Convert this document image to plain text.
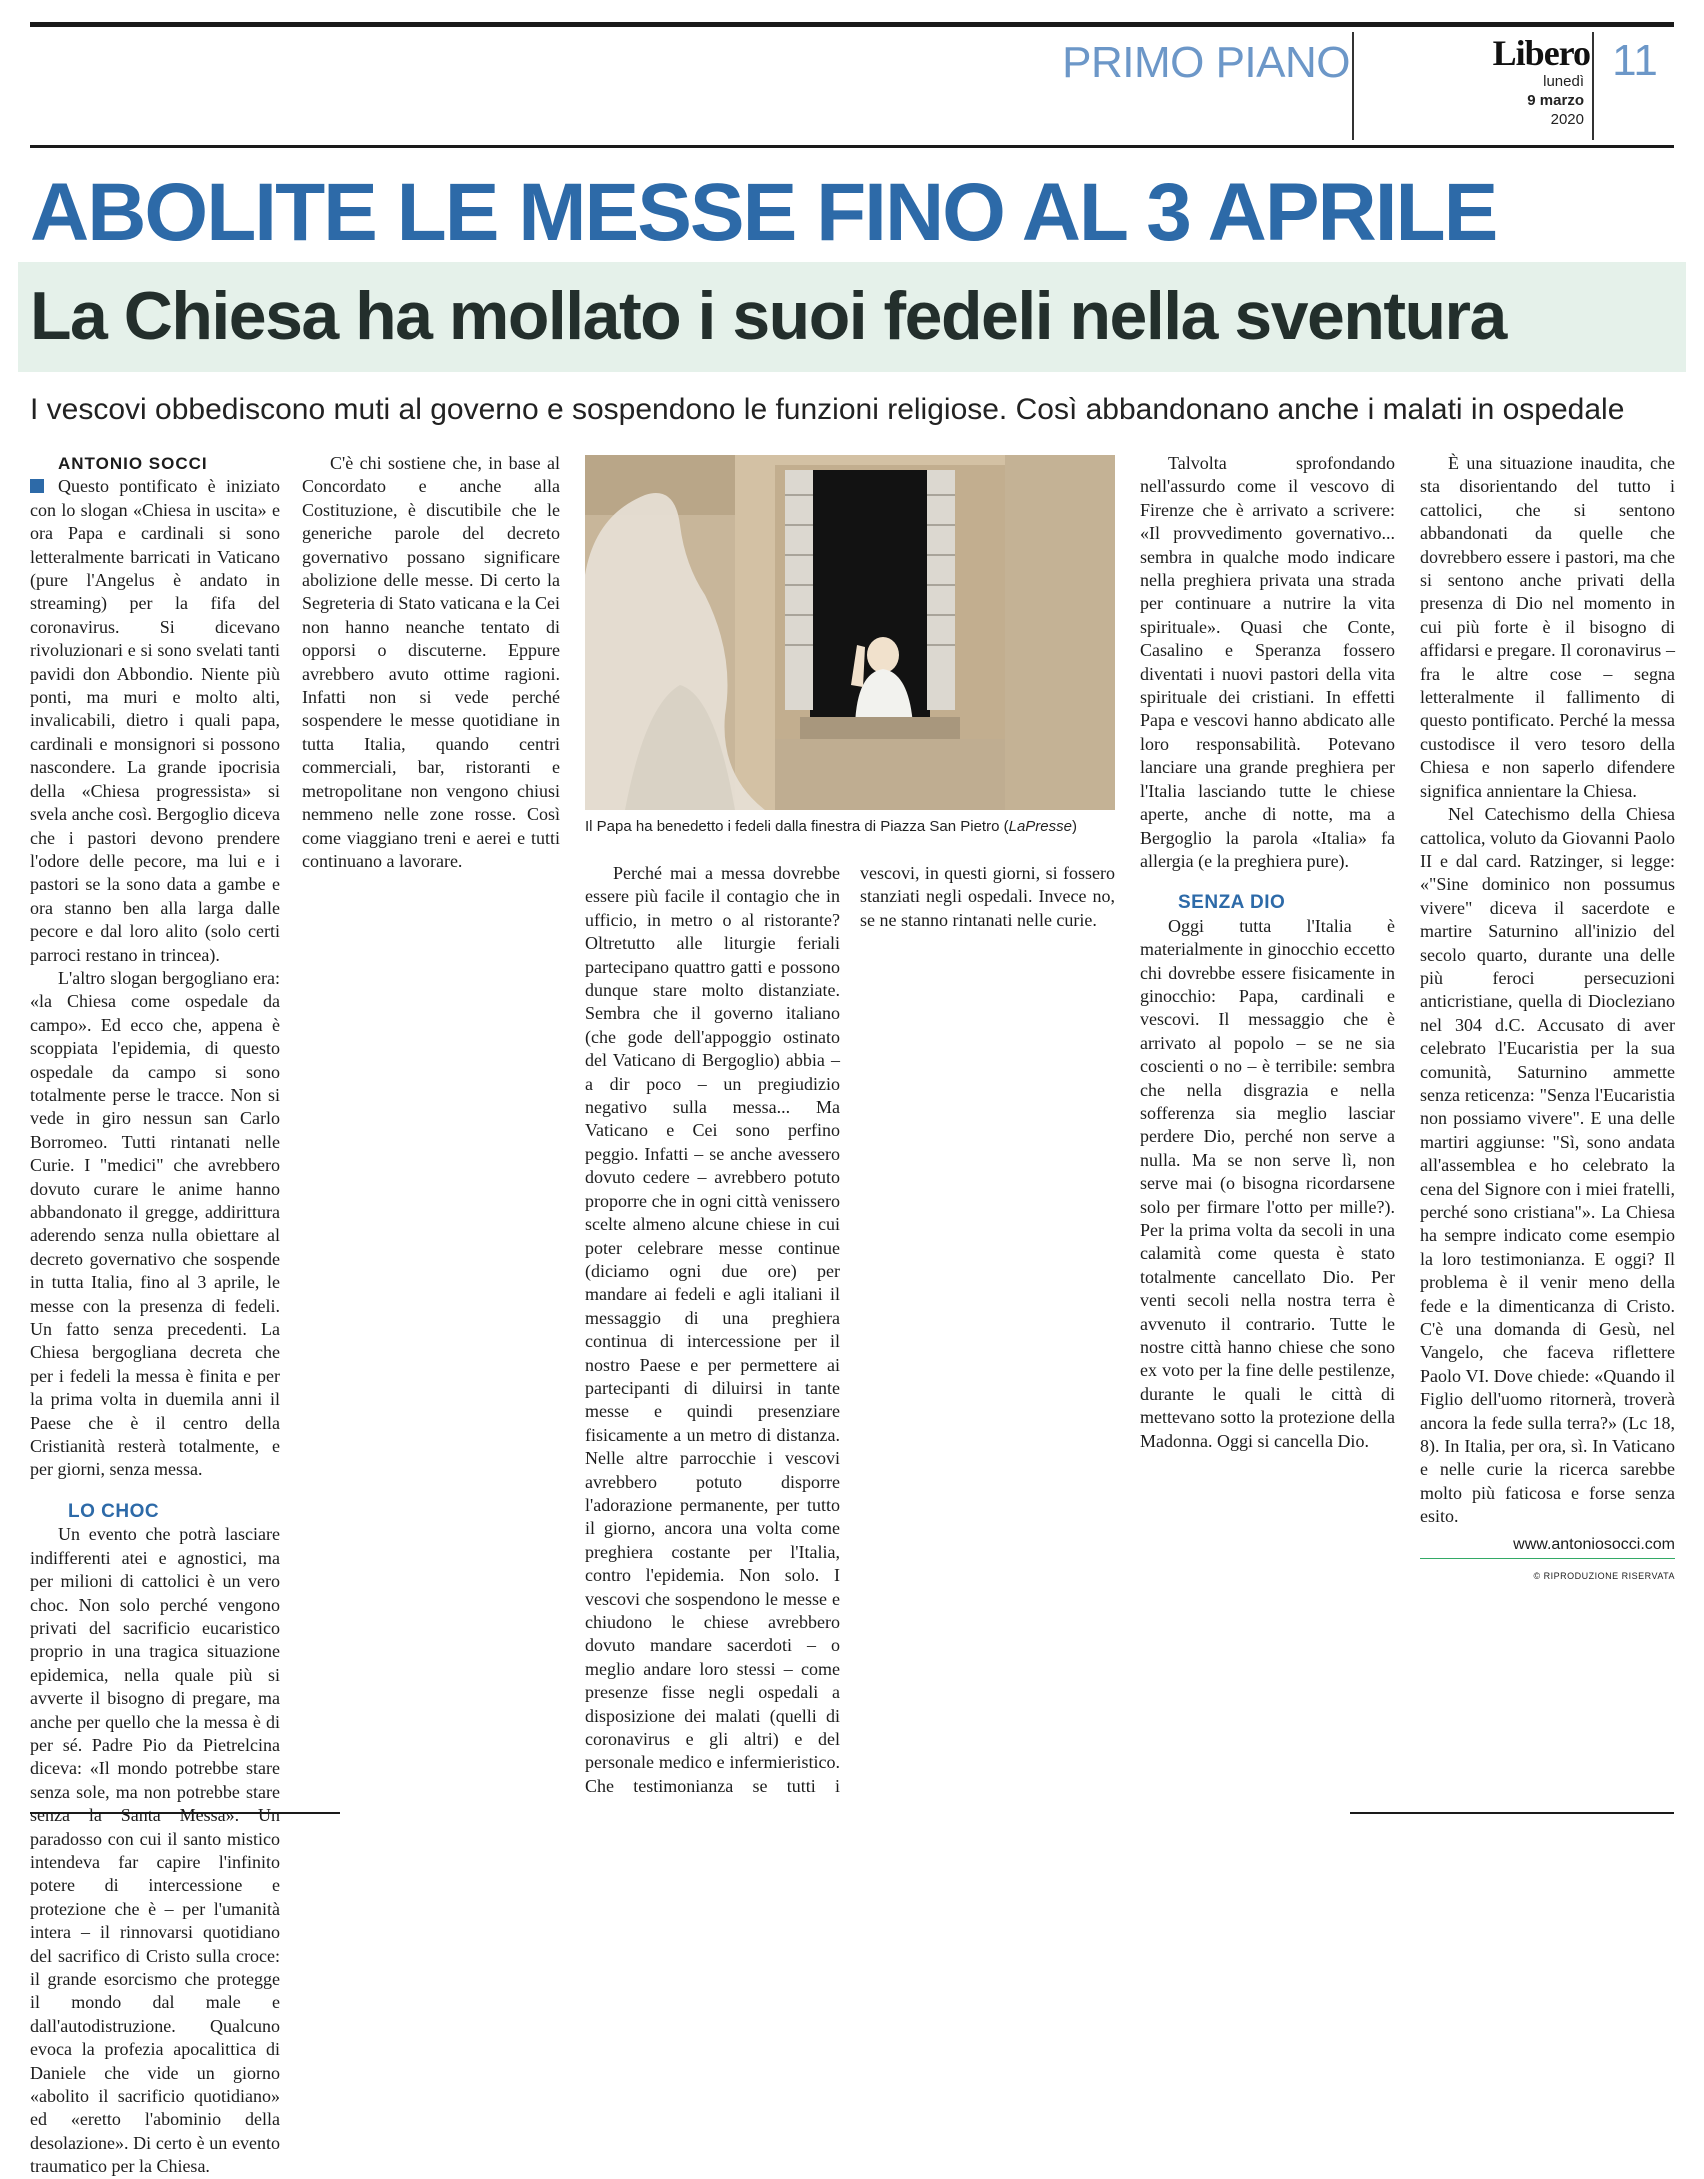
PRIMO PIANO	Libero
lunedì
9 marzo
2020
11
ABOLITE LE MESSE FINO AL 3 APRILE
La Chiesa ha mollato i suoi fedeli nella sventura
I vescovi obbediscono muti al governo e sospendono le funzioni religiose. Così abbandonano anche i malati in ospedale

ANTONIO SOCCI

Questo pontificato è iniziato con lo slogan «Chiesa in uscita» e ora Papa e cardinali si sono letteralmente barricati in Vaticano (pure l'Angelus è andato in streaming) per la fifa del coronavirus. Si dicevano rivoluzionari e si sono svelati tanti pavidi don Abbondio. Niente più ponti, ma muri e molto alti, invalicabili, dietro i quali papa, cardinali e monsignori si possono nascondere. La grande ipocrisia della «Chiesa progressista» si svela anche così. Bergoglio diceva che i pastori devono prendere l'odore delle pecore, ma lui e i pastori se la sono data a gambe e ora stanno ben alla larga dalle pecore e dal loro alito (solo certi parroci restano in trincea).

L'altro slogan bergogliano era: «la Chiesa come ospedale da campo». Ed ecco che, appena è scoppiata l'epidemia, di questo ospedale da campo si sono totalmente perse le tracce. Non si vede in giro nessun san Carlo Borromeo. Tutti rintanati nelle Curie. I "medici" che avrebbero dovuto curare le anime hanno abbandonato il gregge, addirittura aderendo senza nulla obiettare al decreto governativo che sospende in tutta Italia, fino al 3 aprile, le messe con la presenza di fedeli. Un fatto senza precedenti. La Chiesa bergogliana decreta che per i fedeli la messa è finita e per la prima volta in duemila anni il Paese che è il centro della Cristianità resterà totalmente, e per giorni, senza messa.

LO CHOC

Un evento che potrà lasciare indifferenti atei e agnostici, ma per milioni di cattolici è un vero choc. Non solo perché vengono privati del sacrificio eucaristico proprio in una tragica situazione epidemica, nella quale più si avverte il bisogno di pregare, ma anche per quello che la messa è di per sé. Padre Pio da Pietrelcina diceva: «Il mondo potrebbe stare senza sole, ma non potrebbe stare senza la Santa Messa». Un paradosso con cui il santo mistico intendeva far capire l'infinito potere di intercessione e protezione che è – per l'umanità intera – il rinnovarsi quotidiano del sacrifico di Cristo sulla croce: il grande esorcismo che protegge il mondo dal male e dall'autodistruzione. Qualcuno evoca la profezia apocalittica di Daniele che vide un giorno «abolito il sacrificio quotidiano» ed «eretto l'abominio della desolazione». Di certo è un evento traumatico per la Chiesa.

C'è chi sostiene che, in base al Concordato e anche alla Costituzione, è discutibile che le generiche parole del decreto governativo possano significare abolizione delle messe. Di certo la Segreteria di Stato vaticana e la Cei non hanno neanche tentato di opporsi o discuterne. Eppure avrebbero avuto ottime ragioni. Infatti non si vede perché sospendere le messe quotidiane in tutta Italia, quando centri commerciali, bar, ristoranti e metropolitane non vengono chiusi nemmeno nelle zone rosse. Così come viaggiano treni e aerei e tutti continuano a lavorare.

Il Papa ha benedetto i fedeli dalla finestra di Piazza San Pietro (LaPresse)

Perché mai a messa dovrebbe essere più facile il contagio che in ufficio, in metro o al ristorante? Oltretutto alle liturgie feriali partecipano quattro gatti e possono dunque stare molto distanziate. Sembra che il governo italiano (che gode dell'appoggio ostinato del Vaticano di Bergoglio) abbia – a dir poco – un pregiudizio negativo sulla messa... Ma Vaticano e Cei sono perfino peggio. Infatti – se anche avessero dovuto cedere – avrebbero potuto proporre che in ogni città venissero scelte almeno alcune chiese in cui poter celebrare messe continue (diciamo ogni due ore) per mandare ai fedeli e agli italiani il messaggio di una preghiera continua di intercessione per il nostro Paese e per permettere ai partecipanti di diluirsi in tante messe e quindi presenziare fisicamente a un metro di distanza. Nelle altre parrocchie i vescovi avrebbero potuto disporre l'adorazione permanente, per tutto il giorno, ancora una volta come preghiera costante per l'Italia, contro l'epidemia. Non solo. I vescovi che sospendono le messe e chiudono le chiese avrebbero dovuto mandare sacerdoti – o meglio andare loro stessi – come presenze fisse negli ospedali a disposizione dei malati (quelli di coronavirus e gli altri) e del personale medico e infermieristico. Che testimonianza se tutti i vescovi, in questi giorni, si fossero stanziati negli ospedali. Invece no, se ne stanno rintanati nelle curie.

Talvolta sprofondando nell'assurdo come il vescovo di Firenze che è arrivato a scrivere: «Il provvedimento governativo... sembra in qualche modo indicare nella preghiera privata una strada per continuare a nutrire la vita spirituale». Quasi che Conte, Casalino e Speranza fossero diventati i nuovi pastori della vita spirituale dei cristiani. In effetti Papa e vescovi hanno abdicato alle loro responsabilità. Potevano lanciare una grande preghiera per l'Italia lasciando tutte le chiese aperte, anche di notte, ma a Bergoglio la parola «Italia» fa allergia (e la preghiera pure).

SENZA DIO

Oggi tutta l'Italia è materialmente in ginocchio eccetto chi dovrebbe essere fisicamente in ginocchio: Papa, cardinali e vescovi. Il messaggio che è arrivato al popolo – se ne sia coscienti o no – è terribile: sembra che nella disgrazia e nella sofferenza sia meglio lasciar perdere Dio, perché non serve a nulla. Ma se non serve lì, non serve mai (o bisogna ricordarsene solo per firmare l'otto per mille?). Per la prima volta da secoli in una calamità come questa è stato totalmente cancellato Dio. Per venti secoli nella nostra terra è avvenuto il contrario. Tutte le nostre città hanno chiese che sono ex voto per la fine delle pestilenze, durante le quali le città di mettevano sotto la protezione della Madonna. Oggi si cancella Dio.

È una situazione inaudita, che sta disorientando del tutto i cattolici, che si sentono abbandonati da quelle che dovrebbero essere i pastori, ma che si sentono anche privati della presenza di Dio nel momento in cui più forte è il bisogno di affidarsi e pregare. Il coronavirus – fra le altre cose – segna letteralmente il fallimento di questo pontificato. Perché la messa custodisce il vero tesoro della Chiesa e non saperlo difendere significa annientare la Chiesa.

Nel Catechismo della Chiesa cattolica, voluto da Giovanni Paolo II e dal card. Ratzinger, si legge: «"Sine dominico non possumus vivere" diceva il sacerdote e martire Saturnino all'inizio del secolo quarto, durante una delle più feroci persecuzioni anticristiane, quella di Diocleziano nel 304 d.C. Accusato di aver celebrato l'Eucaristia per la sua comunità, Saturnino ammette senza reticenza: "Senza l'Eucaristia non possiamo vivere". E una delle martiri aggiunse: "Sì, sono andata all'assemblea e ho celebrato la cena del Signore con i miei fratelli, perché sono cristiana"». La Chiesa ha sempre indicato come esempio la loro testimonianza. E oggi? Il problema è il venir meno della fede e la dimenticanza di Cristo. C'è una domanda di Gesù, nel Vangelo, che faceva riflettere Paolo VI. Dove chiede: «Quando il Figlio dell'uomo ritornerà, troverà ancora la fede sulla terra?» (Lc 18, 8). In Italia, per ora, sì. In Vaticano e nelle curie la ricerca sarebbe molto più faticosa e forse senza esito.

www.antoniosocci.com

© RIPRODUZIONE RISERVATA
